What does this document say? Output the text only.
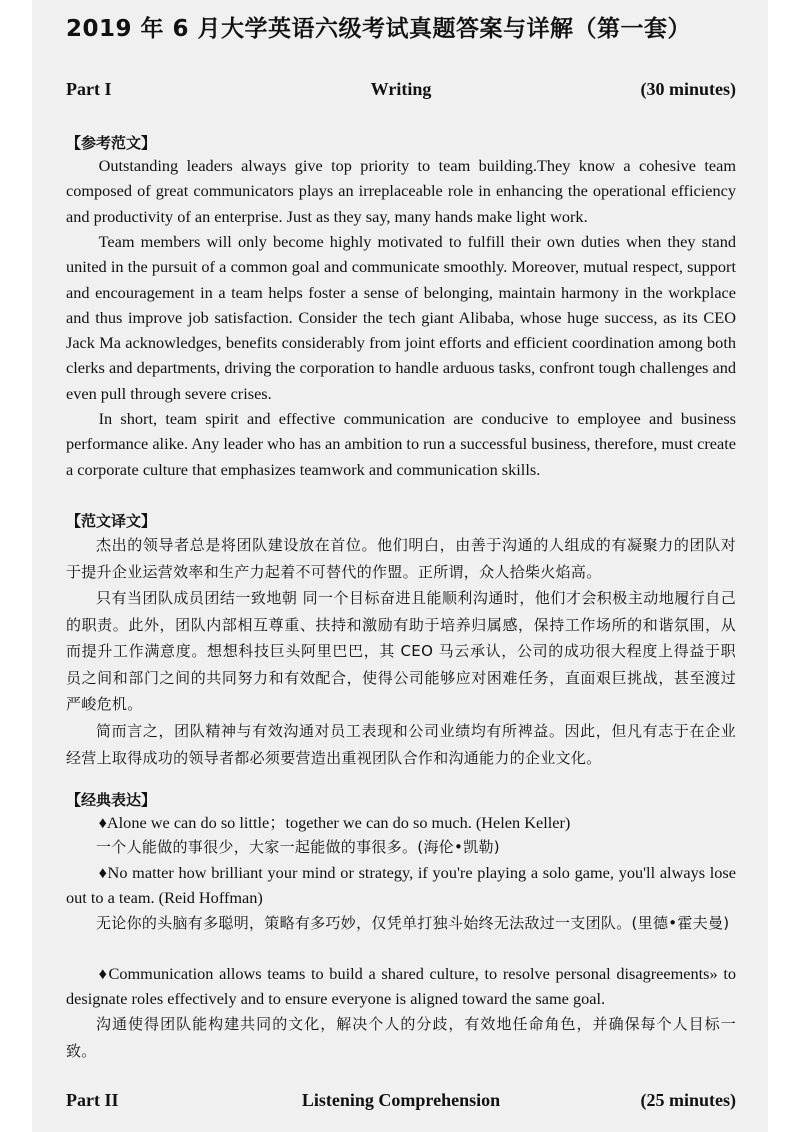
2019 年 6 月大学英语六级考试真题答案与详解（第一套）
Writing
Part I	(30 minutes)
【参考范文】

Outstanding leaders always give top priority to team building.They know a cohesive team composed of great communicators plays an irreplaceable role in enhancing the operational efficiency and productivity of an enterprise. Just as they say, many hands make light work.

Team members will only become highly motivated to fulfill their own duties when they stand united in the pursuit of a common goal and communicate smoothly. Moreover, mutual respect, support and encouragement in a team helps foster a sense of belonging, maintain harmony in the workplace and thus improve job satisfaction. Consider the tech giant Alibaba, whose huge success, as its CEO Jack Ma acknowledges, benefits considerably from joint efforts and efficient coordination among both clerks and departments, driving the corporation to handle arduous tasks, confront tough challenges and even pull through severe crises.

In short, team spirit and effective communication are conducive to employee and business performance alike. Any leader who has an ambition to run a successful business, therefore, must create a corporate culture that emphasizes teamwork and communication skills.

【范文译文】

杰出的领导者总是将团队建设放在首位。他们明白，由善于沟通的人组成的有凝聚力的团队对于提升企业运营效率和生产力起着不可替代的作盟。正所谓，众人拾柴火焰高。

只有当团队成员团结一致地朝 同一个目标奋进且能顺利沟通时，他们才会积极主动地履行自己的职责。此外，团队内部相互尊重、扶持和激励有助于培养归属感，保持工作场所的和谐氛围，从而提升工作满意度。想想科技巨头阿里巴巴，其 CEO 马云承认，公司的成功很大程度上得益于职员之间和部门之间的共同努力和有效配合，使得公司能够应对困难任务，直面艰巨挑战，甚至渡过严峻危机。

简而言之，团队精神与有效沟通对员工表现和公司业绩均有所裨益。因此，但凡有志于在企业经营上取得成功的领导者都必须要营造出重视团队合作和沟通能力的企业文化。

【经典表达】

♦Alone we can do so little；together we can do so much. (Helen Keller)

一个人能做的事很少，大家一起能做的事很多。(海伦•凯勒)

♦No matter how brilliant your mind or strategy, if you're playing a solo game, you'll always lose out to a team. (Reid Hoffman)

无论你的头脑有多聪明，策略有多巧妙，仅凭单打独斗始终无法敌过一支团队。(里德•霍夫曼)

♦Communication allows teams to build a shared culture, to resolve personal disagreements» to designate roles effectively and to ensure everyone is aligned toward the same goal.

沟通使得团队能构建共同的文化，解决个人的分歧，有效地任命角色，并确保每个人目标一致。

Listening Comprehension
Part II	(25 minutes)
